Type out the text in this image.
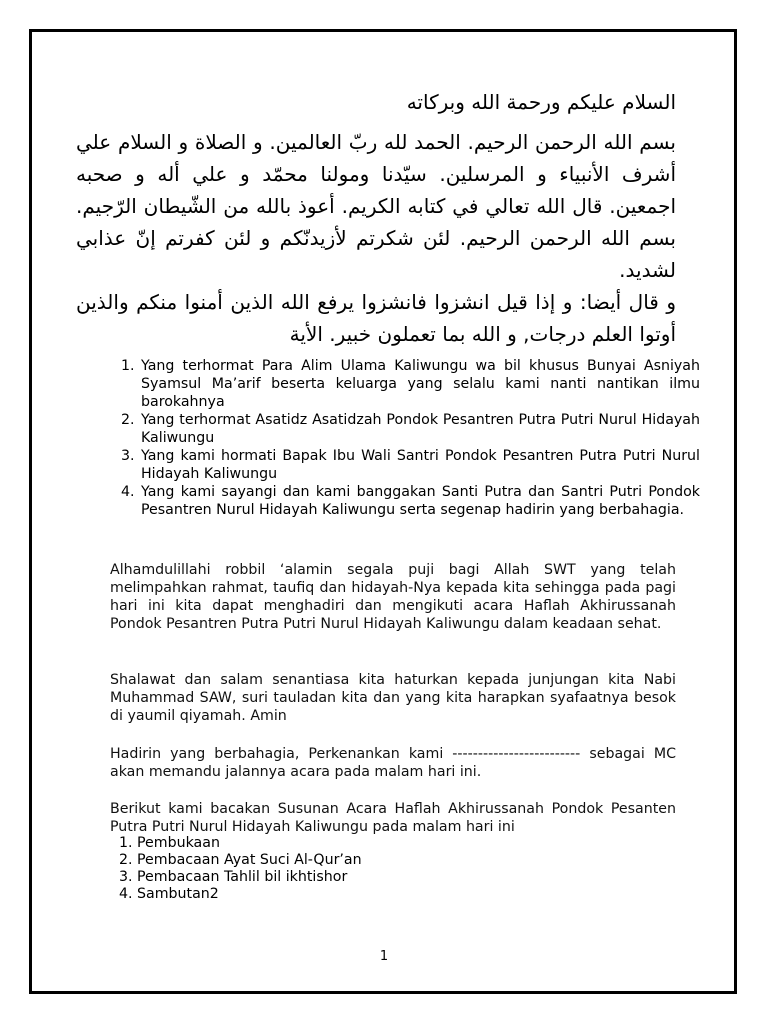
السلام عليكم ورحمة الله وبركاته
بسم الله الرحمن الرحيم. الحمد لله ربّ العالمين. و الصلاة و السلام علي أشرف الأنبياء و المرسلين. سيّدنا ومولنا محمّد و علي أله و صحبه اجمعين. قال الله تعالي في كتابه الكريم. أعوذ بالله من الشّيطان الرّجيم. بسم الله الرحمن الرحيم. لئن شكرتم لأزيدنّكم و لئن كفرتم إنّ عذابي لشديد.
و قال أيضا: و إذا قيل انشزوا فانشزوا يرفع الله الذين أمنوا منكم والذين أوتوا العلم درجات, و الله بما تعملون خبير. الأية
1. Yang terhormat Para Alim Ulama Kaliwungu wa bil khusus Bunyai Asniyah Syamsul Ma’arif beserta keluarga yang selalu kami nanti nantikan ilmu barokahnya
2. Yang terhormat Asatidz Asatidzah Pondok Pesantren Putra Putri Nurul Hidayah Kaliwungu
3. Yang kami hormati Bapak Ibu Wali Santri Pondok Pesantren Putra Putri Nurul Hidayah Kaliwungu
4. Yang kami sayangi dan kami banggakan Santi Putra dan Santri Putri Pondok Pesantren Nurul Hidayah Kaliwungu serta segenap hadirin yang berbahagia.
Alhamdulillahi robbil ‘alamin segala puji bagi Allah SWT yang telah melimpahkan rahmat, taufiq dan hidayah-Nya kepada kita sehingga pada pagi hari ini kita dapat menghadiri dan mengikuti acara Haflah Akhirussanah Pondok Pesantren Putra Putri Nurul Hidayah Kaliwungu dalam keadaan sehat.
Shalawat dan salam senantiasa kita haturkan kepada junjungan kita Nabi Muhammad SAW, suri tauladan kita dan yang kita harapkan syafaatnya besok di yaumil qiyamah. Amin
Hadirin yang berbahagia, Perkenankan kami ------------------------- sebagai MC akan memandu jalannya acara pada malam hari ini.
Berikut kami bacakan Susunan Acara Haflah Akhirussanah Pondok Pesanten Putra Putri Nurul Hidayah Kaliwungu pada malam hari ini
1. Pembukaan
2. Pembacaan Ayat Suci Al-Qur’an
3. Pembacaan Tahlil bil ikhtishor
4. Sambutan2
1
